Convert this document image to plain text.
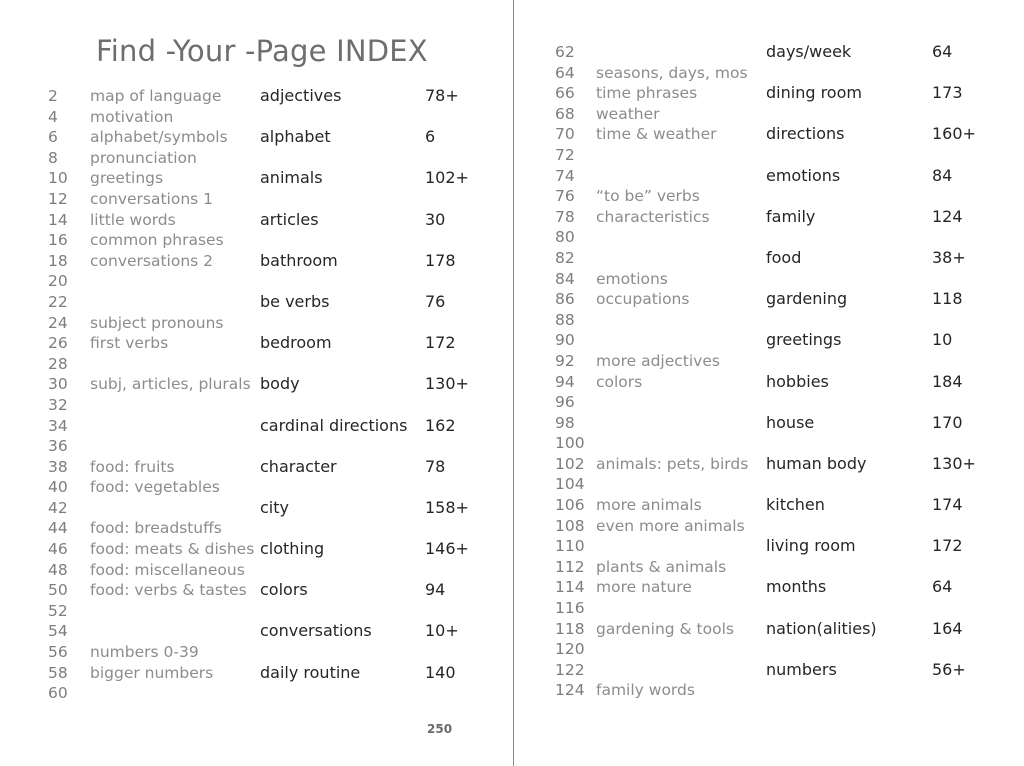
Find -Your -Page INDEX
2
4
6
8
10
12
14
16
18
20
22
24
26
28
30
32
34
36
38
40
42
44
46
48
50
52
54
56
58
60
map of language
motivation
alphabet/symbols
pronunciation
greetings
conversations 1
little words
common phrases
conversations 2
subject pronouns
first verbs
subj, articles, plurals
food: fruits
food: vegetables
food: breadstuffs
food: meats & dishes
food: miscellaneous
food: verbs & tastes
numbers 0-39
bigger numbers
adjectives
alphabet
animals
articles
bathroom
be verbs
bedroom
body
cardinal directions
character
city
clothing
colors
conversations
daily routine
78+
6
102+
30
178
76
172
130+
162
78
158+
146+
94
10+
140
250
62
64
66
68
70
72
74
76
78
80
82
84
86
88
90
92
94
96
98
100
102
104
106
108
110
112
114
116
118
120
122
124
seasons, days, mos
time phrases
weather
time & weather
“to be” verbs
characteristics
emotions
occupations
more adjectives
colors
animals: pets, birds
more animals
even more animals
plants & animals
more nature
gardening & tools
family words
days/week
dining room
directions
emotions
family
food
gardening
greetings
hobbies
house
human body
kitchen
living room
months
nation(alities)
numbers
64
173
160+
84
124
38+
118
10
184
170
130+
174
172
64
164
56+
